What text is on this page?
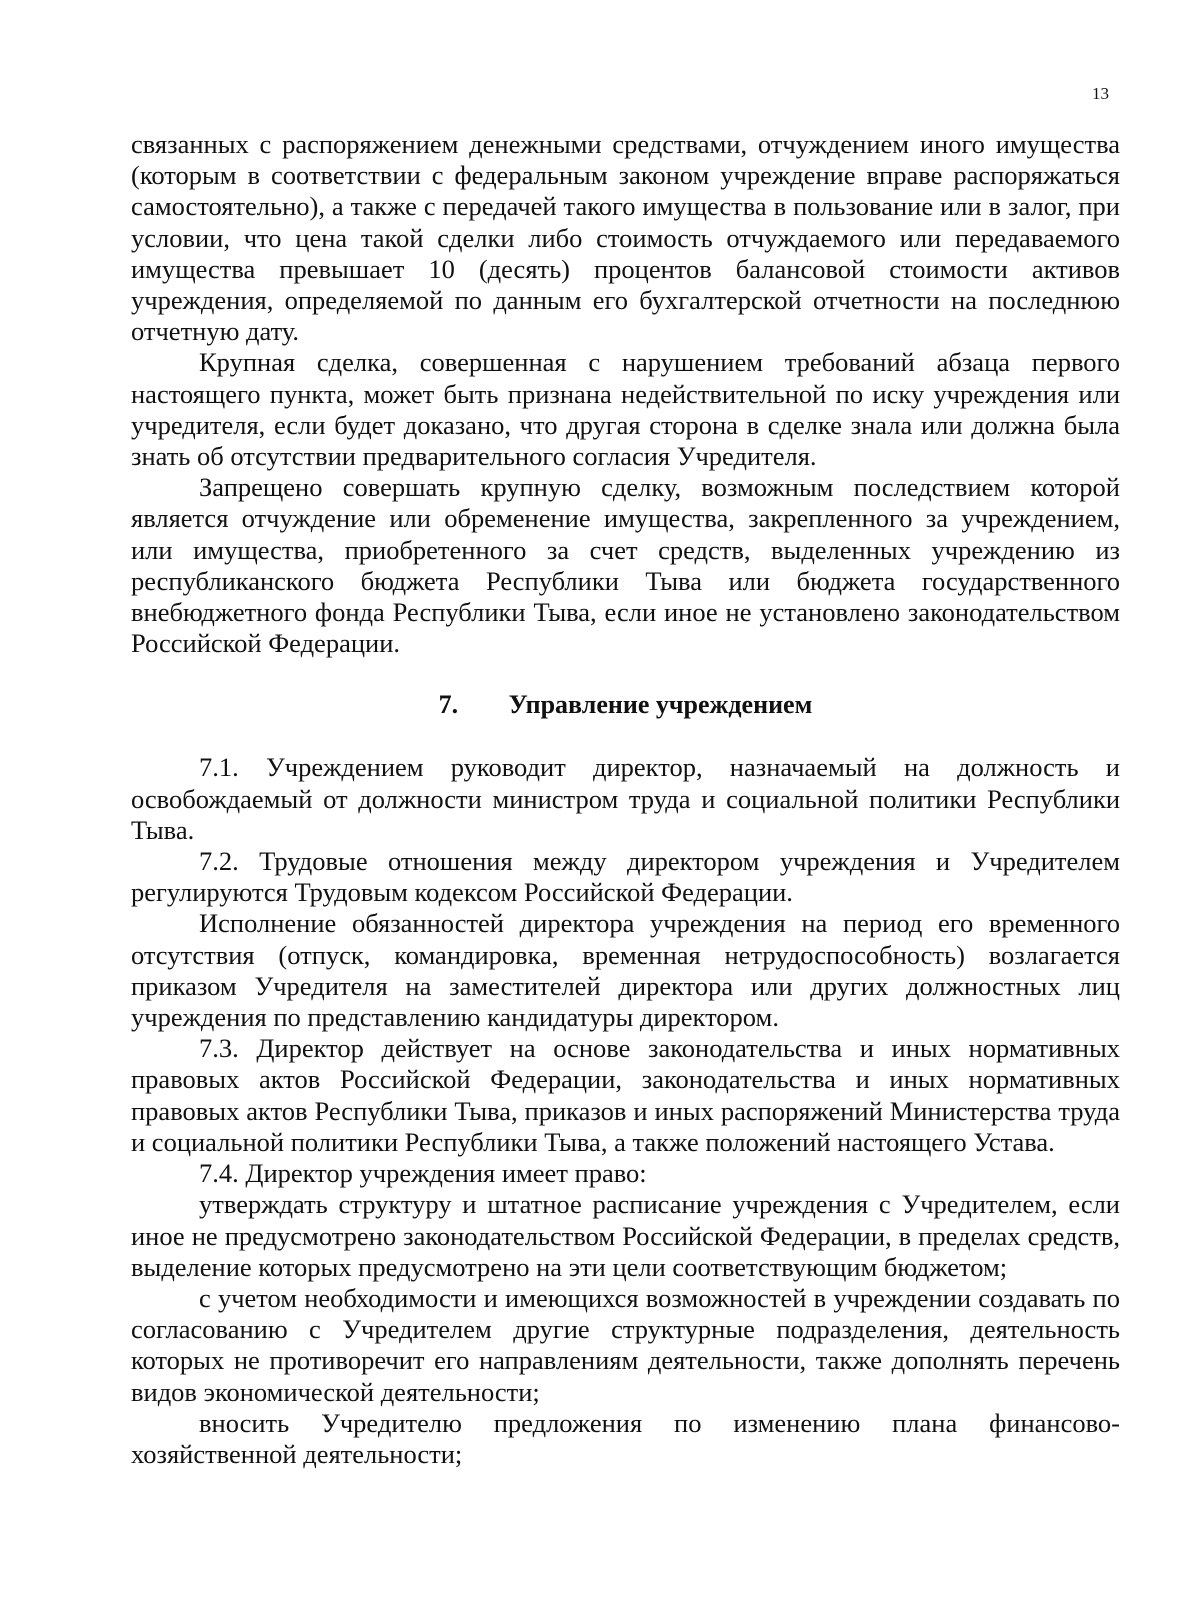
13

связанных с распоряжением денежными средствами, отчуждением иного имущества (которым в соответствии с федеральным законом учреждение вправе распоряжаться самостоятельно), а также с передачей такого имущества в пользование или в залог, при условии, что цена такой сделки либо стоимость отчуждаемого или передаваемого имущества превышает 10 (десять) процентов балансовой стоимости активов учреждения, определяемой по данным его бухгалтерской отчетности на последнюю отчетную дату.

Крупная сделка, совершенная с нарушением требований абзаца первого настоящего пункта, может быть признана недействительной по иску учреждения или учредителя, если будет доказано, что другая сторона в сделке знала или должна была знать об отсутствии предварительного согласия Учредителя.

Запрещено совершать крупную сделку, возможным последствием которой является отчуждение или обременение имущества, закрепленного за учреждением, или имущества, приобретенного за счет средств, выделенных учреждению из республиканского бюджета Республики Тыва или бюджета государственного внебюджетного фонда Республики Тыва, если иное не установлено законодательством Российской Федерации.

7. Управление учреждением

7.1. Учреждением руководит директор, назначаемый на должность и освобождаемый от должности министром труда и социальной политики Республики Тыва.

7.2. Трудовые отношения между директором учреждения и Учредителем регулируются Трудовым кодексом Российской Федерации.

Исполнение обязанностей директора учреждения на период его временного отсутствия (отпуск, командировка, временная нетрудоспособность) возлагается приказом Учредителя на заместителей директора или других должностных лиц учреждения по представлению кандидатуры директором.

7.3. Директор действует на основе законодательства и иных нормативных правовых актов Российской Федерации, законодательства и иных нормативных правовых актов Республики Тыва, приказов и иных распоряжений Министерства труда и социальной политики Республики Тыва, а также положений настоящего Устава.

7.4. Директор учреждения имеет право:

утверждать структуру и штатное расписание учреждения с Учредителем, если иное не предусмотрено законодательством Российской Федерации, в пределах средств, выделение которых предусмотрено на эти цели соответствующим бюджетом;

с учетом необходимости и имеющихся возможностей в учреждении создавать по согласованию с Учредителем другие структурные подразделения, деятельность которых не противоречит его направлениям деятельности, также дополнять перечень видов экономической деятельности;

вносить Учредителю предложения по изменению плана финансово-хозяйственной деятельности;
